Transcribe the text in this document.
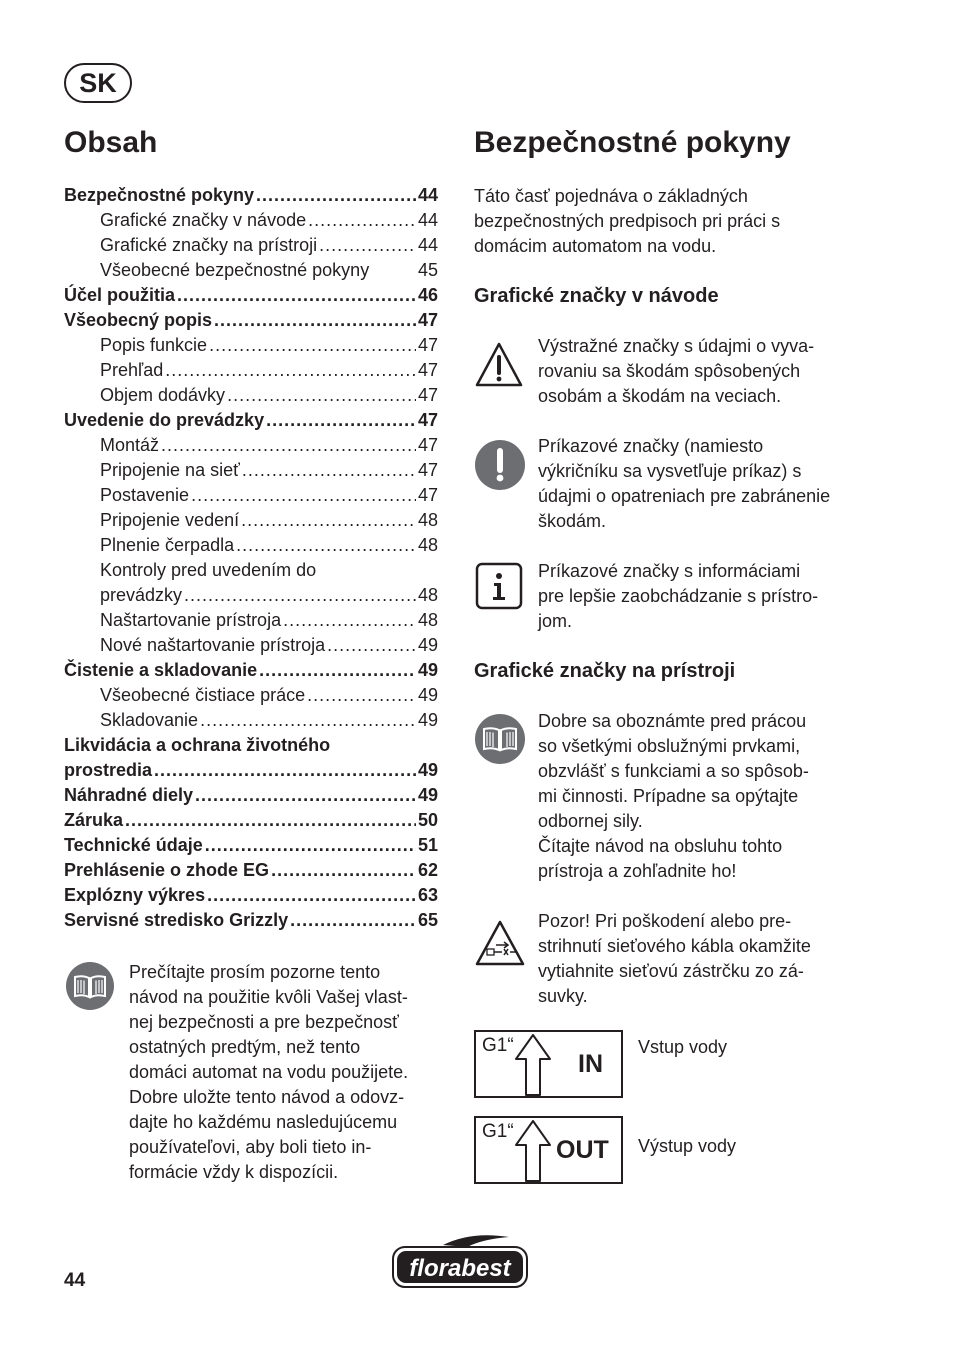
SK
Obsah
Bezpečnostné pokyny .....	44
Grafické značky v návode .....	44
Grafické značky na prístroji .....	44
Všeobecné bezpečnostné pokyny	45
Účel použitia .....	46
Všeobecný popis .....	47
Popis funkcie .....	47
Prehľad .....	47
Objem dodávky .....	47
Uvedenie do prevádzky .....	47
Montáž .....	47
Pripojenie na sieť .....	47
Postavenie .....	47
Pripojenie vedení .....	48
Plnenie čerpadla .....	48
Kontroly pred uvedením do
prevádzky .....	48
Naštartovanie prístroja .....	48
Nové naštartovanie prístroja .....	49
Čistenie a skladovanie .....	49
Všeobecné čistiace práce .....	49
Skladovanie .....	49
Likvidácia a ochrana životného
prostredia .....	49
Náhradné diely .....	49
Záruka .....	50
Technické údaje .....	51
Prehlásenie o zhode EG .....	62
Explózny výkres .....	63
Servisné stredisko Grizzly .....	65
Prečítajte prosím pozorne tento
návod na použitie kvôli Vašej vlast-
nej bezpečnosti a pre bezpečnosť
ostatných predtým, než tento
domáci automat na vodu použijete.
Dobre uložte tento návod a odovz-
dajte ho každému nasledujúcemu
používateľovi, aby boli tieto in-
formácie vždy k dispozícii.
Bezpečnostné pokyny
Táto časť pojednáva o základných
bezpečnostných predpisoch pri práci s
domácim automatom na vodu.
Grafické značky v návode
Výstražné značky s údajmi o vyva-
rovaniu sa škodám spôsobených
osobám a škodám na veciach.
Príkazové značky (namiesto
výkričníku sa vysvetľuje príkaz) s
údajmi o opatreniach pre zabránenie
škodám.
Príkazové značky s informáciami
pre lepšie zaobchádzanie s prístro-
jom.
Grafické značky na prístroji
Dobre sa oboznámte pred prácou
so všetkými obslužnými prvkami,
obzvlášť s funkciami a so spôsob-
mi činnosti. Prípadne sa opýtajte
odbornej sily.
Čítajte návod na obsluhu tohto
prístroja a zohľadnite ho!
Pozor! Pri poškodení alebo pre-
strihnutí sieťového kábla okamžite
vytiahnite sieťovú zástrčku zo zá-
suvky.
G1“
IN
Vstup vody
G1“
OUT Výstup vody
44	florabest
